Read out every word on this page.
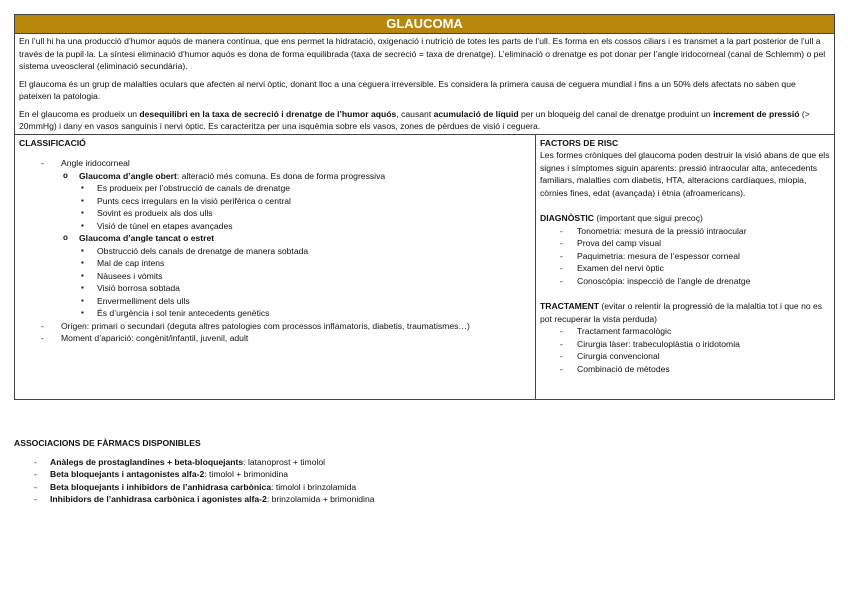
GLAUCOMA

En l’ull hi ha una producció d’humor aquós de manera contínua, que ens permet la hidratació, oxigenació i nutrició de totes les parts de l’ull. Es forma en els cossos ciliars i es transmet a la part posterior de l’ull a través de la pupil·la. La síntesi eliminació d’humor aquós es dona de forma equilibrada (taxa de secreció = taxa de drenatge). L’eliminació o drenatge es pot donar per l’angle iridocorneal (canal de Schlemm) o pel sistema uveoscleral (eliminació secundària).

El glaucoma és un grup de malalties oculars que afecten al nervi òptic, donant lloc a una ceguera irreversible. Es considera la primera causa de ceguera mundial i fins a un 50% dels afectats no saben que pateixen la patologia.

En el glaucoma es produeix un desequilibri en la taxa de secreció i drenatge de l’humor aquós, causant acumulació de líquid per un bloqueig del canal de drenatge produint un increment de pressió (> 20mmHg) i dany en vasos sanguinis i nervi òptic. Es caracteritza per una isquèmia sobre els vasos, zones de pèrdues de visió i ceguera.

CLASSIFICACIÓ
- Angle iridocorneal
o Glaucoma d’angle obert: alteració més comuna. Es dona de forma progressiva
▪ Es produeix per l’obstrucció de canals de drenatge
▪ Punts cecs irregulars en la visió perifèrica o central
▪ Sovint es produeix als dos ulls
▪ Visió de túnel en etapes avançades
o Glaucoma d’angle tancat o estret
▪ Obstrucció dels canals de drenatge de manera sobtada
▪ Mal de cap intens
▪ Nàusees i vòmits
▪ Visió borrosa sobtada
▪ Envermelliment dels ulls
▪ És d’urgència i sol tenir antecedents genètics
- Origen: primari o secundari (deguta altres patologies com processos inflamatoris, diabetis, traumatismes…)
- Moment d’aparició: congènit/infantil, juvenil, adult

FACTORS DE RISC

Les formes cròniques del glaucoma poden destruir la visió abans de que els signes i símptomes siguin aparents: pressió intraocular alta, antecedents familiars, malalties com diabetis, HTA, alteracions cardíaques, miopia, còrnies fines, edat (avançada) i ètnia (afroamericans).

DIAGNÒSTIC (important que sigui precoç)

- Tonometria: mesura de la pressió intraocular
- Prova del camp visual
- Paquimetria: mesura de l’espessor corneal
- Examen del nervi òptic
- Conoscòpia: inspecció de l’angle de drenatge

TRACTAMENT (evitar o relentir la progressió de la malaltia tot i que no es pot recuperar la vista perduda)

- Tractament farmacològic
- Cirurgia làser: trabeculoplàstia o iridotomia
- Cirurgia convencional
- Combinació de mètodes
ASSOCIACIONS DE FÀRMACS DISPONIBLES
- Anàlegs de prostaglandines + beta-bloquejants: latanoprost + timolol
- Beta bloquejants i antagonistes alfa-2: timolol + brimonidina
- Beta bloquejants i inhibidors de l’anhidrasa carbònica: timolol i brinzolamida
- Inhibidors de l’anhidrasa carbònica i agonistes alfa-2: brinzolamida + brimonidina
